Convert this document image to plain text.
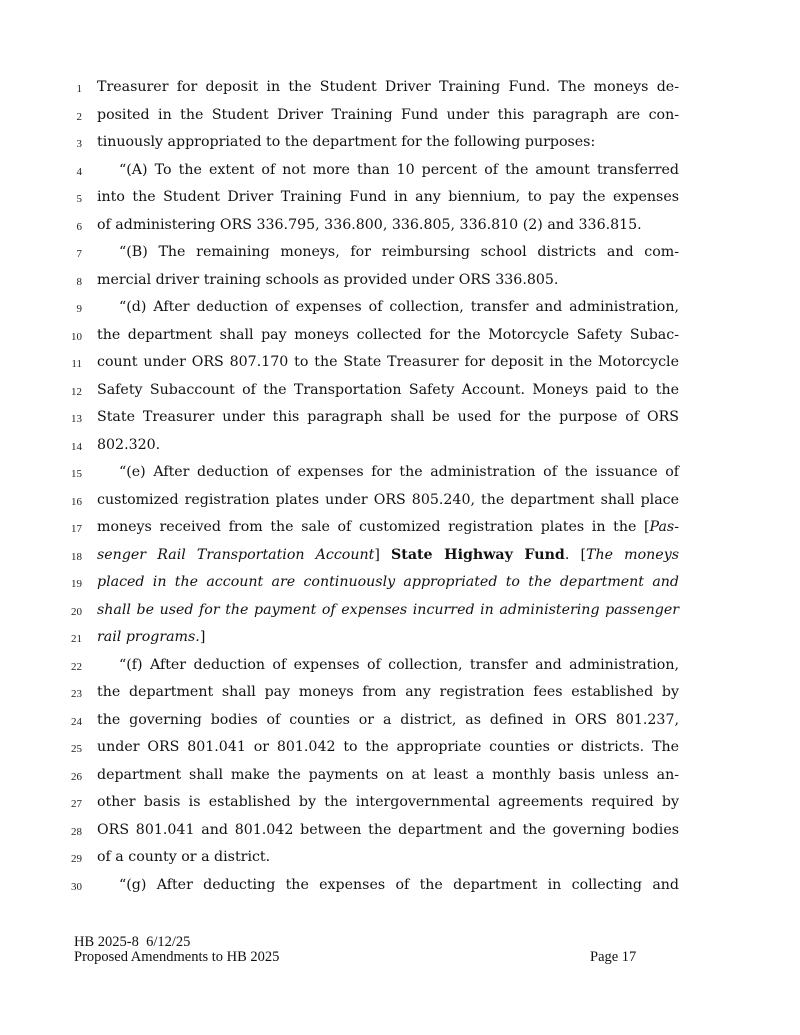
1 Treasurer for deposit in the Student Driver Training Fund. The moneys de-
2 posited in the Student Driver Training Fund under this paragraph are con-
3 tinuously appropriated to the department for the following purposes:
4	“(A) To the extent of not more than 10 percent of the amount transferred
5 into the Student Driver Training Fund in any biennium, to pay the expenses
6 of administering ORS 336.795, 336.800, 336.805, 336.810 (2) and 336.815.
7	“(B) The remaining moneys, for reimbursing school districts and com-
8 mercial driver training schools as provided under ORS 336.805.
9	“(d) After deduction of expenses of collection, transfer and administration,
10 the department shall pay moneys collected for the Motorcycle Safety Subac-
11 count under ORS 807.170 to the State Treasurer for deposit in the Motorcycle
12 Safety Subaccount of the Transportation Safety Account. Moneys paid to the
13 State Treasurer under this paragraph shall be used for the purpose of ORS
14 802.320.
15	“(e) After deduction of expenses for the administration of the issuance of
16 customized registration plates under ORS 805.240, the department shall place
17 moneys received from the sale of customized registration plates in the [Pas-
18 senger Rail Transportation Account] State Highway Fund. [The moneys
19 placed in the account are continuously appropriated to the department and
20 shall be used for the payment of expenses incurred in administering passenger
21 rail programs.]
22	“(f) After deduction of expenses of collection, transfer and administration,
23 the department shall pay moneys from any registration fees established by
24 the governing bodies of counties or a district, as defined in ORS 801.237,
25 under ORS 801.041 or 801.042 to the appropriate counties or districts. The
26 department shall make the payments on at least a monthly basis unless an-
27 other basis is established by the intergovernmental agreements required by
28 ORS 801.041 and 801.042 between the department and the governing bodies
29 of a county or a district.
30	“(g) After deducting the expenses of the department in collecting and
HB 2025-8  6/12/25
Proposed Amendments to HB 2025	Page 17
